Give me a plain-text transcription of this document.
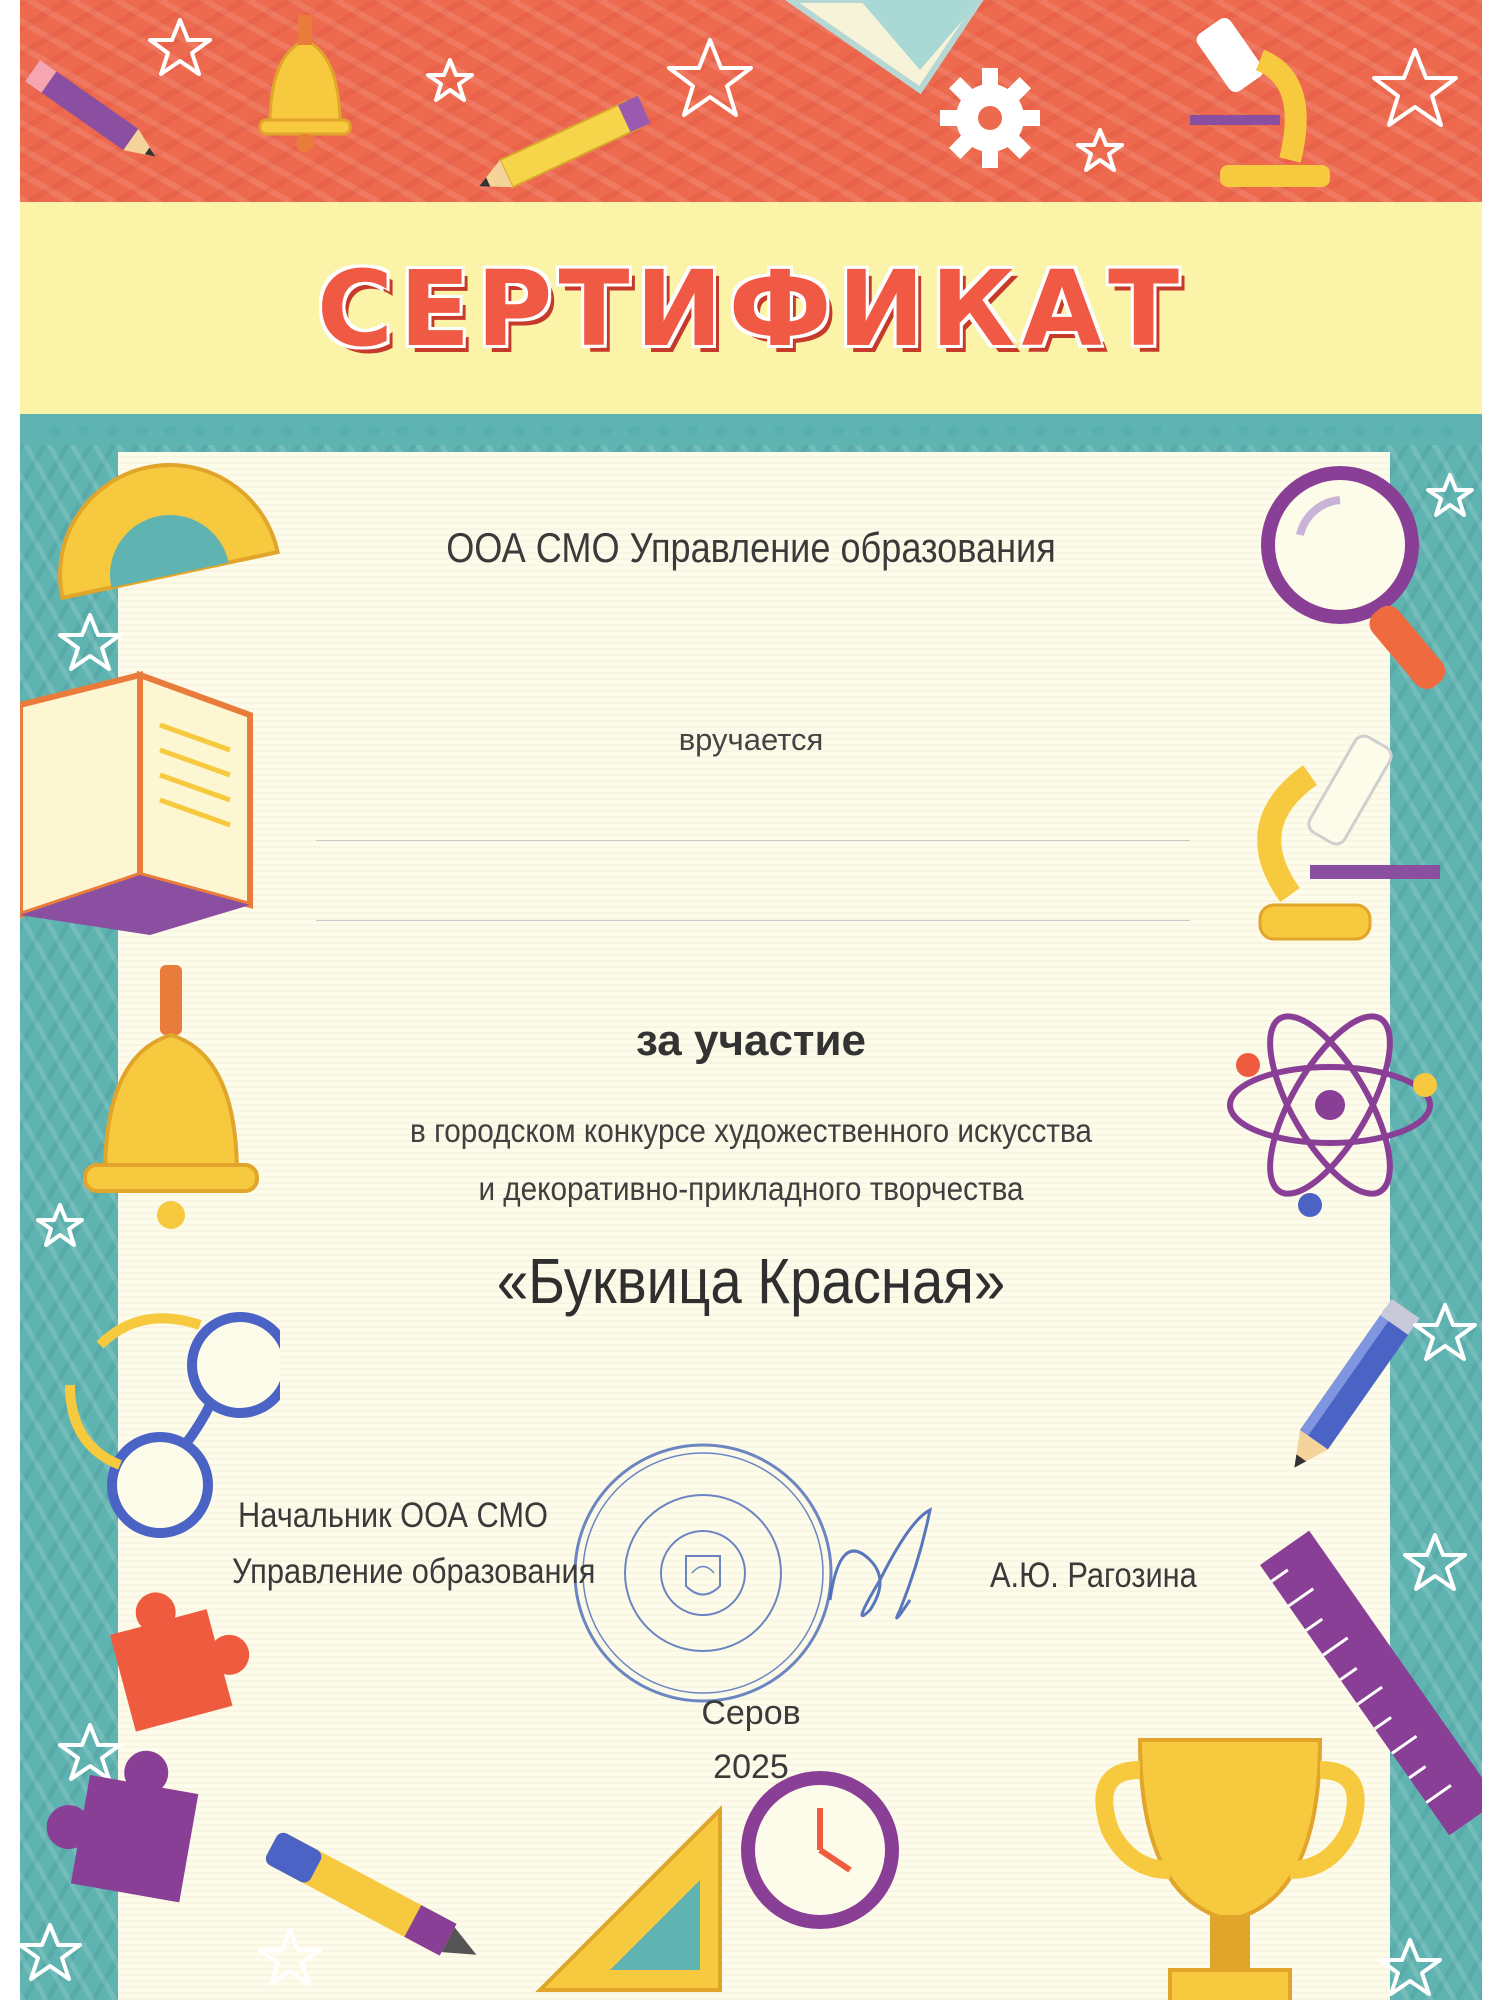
СЕРТИФИКАТ
ООА СМО Управление образования
вручается
за участие
в городском конкурсе художественного искусства
и декоративно-прикладного творчества
«Буквица Красная»
Начальник ООА СМО
Управление образования	А.Ю. Рагозина
Серов
2025
